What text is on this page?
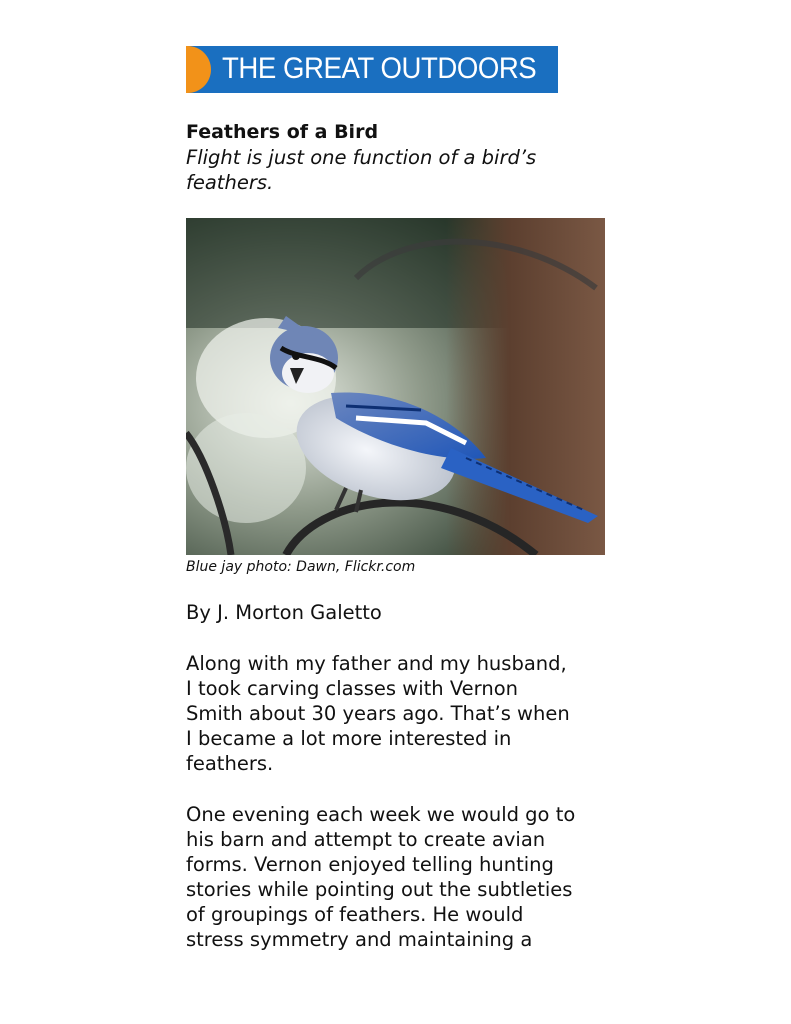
THE GREAT OUTDOORS
Feathers of a Bird

Flight is just one function of a bird’s feathers.

Blue jay photo: Dawn, Flickr.com
By J. Morton Galetto
Along with my father and my husband,
I took carving classes with Vernon
Smith about 30 years ago. That’s when
I became a lot more interested in
feathers.
One evening each week we would go to
his barn and attempt to create avian
forms. Vernon enjoyed telling hunting
stories while pointing out the subtleties
of groupings of feathers. He would
stress symmetry and maintaining a
